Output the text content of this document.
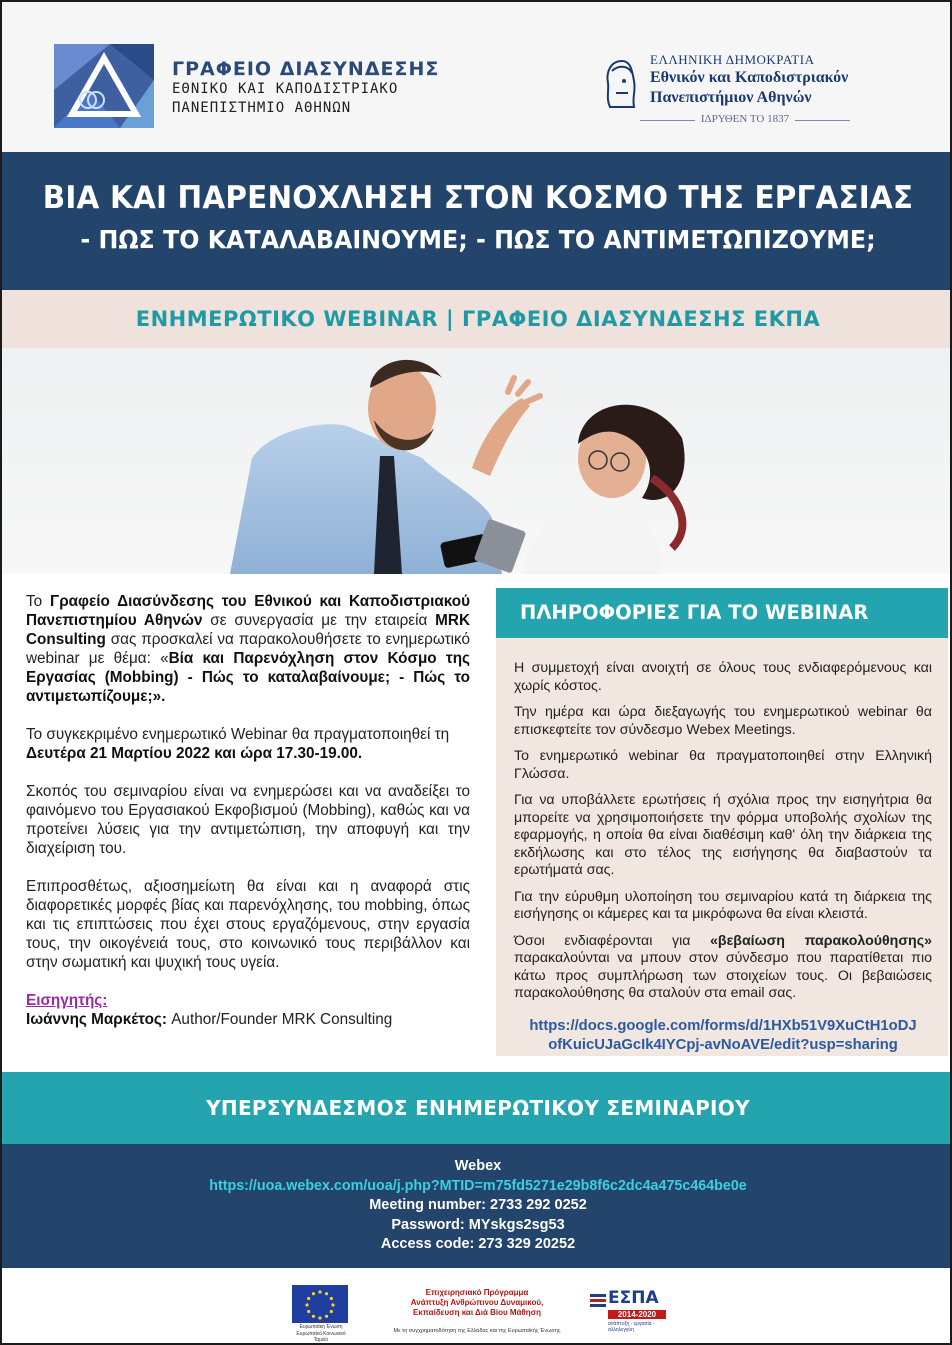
ΓΡΑΦΕΙΟ ΔΙΑΣΥΝΔΕΣΗΣ
ΕΘΝΙΚΟ ΚΑΙ ΚΑΠΟΔΙΣΤΡΙΑΚΟ
ΠΑΝΕΠΙΣΤΗΜΙΟ ΑΘΗΝΩΝ
ΕΛΛΗΝΙΚΗ ΔΗΜΟΚΡΑΤΙΑ
Εθνικόν και Καποδιστριακόν
Πανεπιστήμιον Αθηνών
ΙΔΡΥΘΕΝ ΤΟ 1837
ΒΙΑ ΚΑΙ ΠΑΡΕΝΟΧΛΗΣΗ ΣΤΟΝ ΚΟΣΜΟ ΤΗΣ ΕΡΓΑΣΙΑΣ
- ΠΩΣ ΤΟ ΚΑΤΑΛΑΒΑΙΝΟΥΜΕ; - ΠΩΣ ΤΟ ΑΝΤΙΜΕΤΩΠΙΖΟΥΜΕ;
ΕΝΗΜΕΡΩΤΙΚΟ WEBINAR | ΓΡΑΦΕΙΟ ΔΙΑΣΥΝΔΕΣΗΣ ΕΚΠΑ

Το Γραφείο Διασύνδεσης του Εθνικού και Καποδιστριακού Πανεπιστημίου Αθηνών σε συνεργασία με την εταιρεία MRK Consulting σας προσκαλεί να παρακολουθήσετε το ενημερωτικό webinar με θέμα: «Βία και Παρενόχληση στον Κόσμο της Εργασίας (Mobbing) - Πώς το καταλαβαίνουμε; - Πώς το αντιμετωπίζουμε;».

Το συγκεκριμένο ενημερωτικό Webinar θα πραγματοποιηθεί τη Δευτέρα 21 Μαρτίου 2022 και ώρα 17.30-19.00.

Σκοπός του σεμιναρίου είναι να ενημερώσει και να αναδείξει το φαινόμενο του Εργασιακού Εκφοβισμού (Mobbing), καθώς και να προτείνει λύσεις για την αντιμετώπιση, την αποφυγή και την διαχείριση του.

Επιπροσθέτως, αξιοσημείωτη θα είναι και η αναφορά στις διαφορετικές μορφές βίας και παρενόχλησης, του mobbing, όπως και τις επιπτώσεις που έχει στους εργαζόμενους, στην εργασία τους, την οικογένειά τους, στο κοινωνικό τους περιβάλλον και στην σωματική και ψυχική τους υγεία.

Εισηγητής:
Ιωάννης Μαρκέτος: Author/Founder MRK Consulting
ΠΛΗΡΟΦΟΡΙΕΣ ΓΙΑ ΤΟ WEBINAR

Η συμμετοχή είναι ανοιχτή σε όλους τους ενδιαφερόμενους και χωρίς κόστος.

Την ημέρα και ώρα διεξαγωγής του ενημερωτικού webinar θα επισκεφτείτε τον σύνδεσμο Webex Meetings.

Το ενημερωτικό webinar θα πραγματοποιηθεί στην Ελληνική Γλώσσα.

Για να υποβάλλετε ερωτήσεις ή σχόλια προς την εισηγήτρια θα μπορείτε να χρησιμοποιήσετε την φόρμα υποβολής σχολίων της εφαρμογής, η οποία θα είναι διαθέσιμη καθ' όλη την διάρκεια της εκδήλωσης και στο τέλος της εισήγησης θα διαβαστούν τα ερωτήματά σας.

Για την εύρυθμη υλοποίηση του σεμιναρίου κατά τη διάρκεια της εισήγησης οι κάμερες και τα μικρόφωνα θα είναι κλειστά.

Όσοι ενδιαφέρονται για «βεβαίωση παρακολούθησης» παρακαλούνται να μπουν στον σύνδεσμο που παρατίθεται πιο κάτω προς συμπλήρωση των στοιχείων τους. Οι βεβαιώσεις παρακολούθησης θα σταλούν στα email σας.

https://docs.google.com/forms/d/1HXb51V9XuCtH1oDJ
ofKuicUJaGcIk4IYCpj-avNoAVE/edit?usp=sharing
ΥΠΕΡΣΥΝΔΕΣΜΟΣ ΕΝΗΜΕΡΩΤΙΚΟΥ ΣΕΜΙΝΑΡΙΟΥ
Webex
https://uoa.webex.com/uoa/j.php?MTID=m75fd5271e29b8f6c2dc4a475c464be0e
Meeting number: 2733 292 0252
Password: MYskgs2sg53
Access code: 273 329 20252
Ευρωπαϊκή Ένωση
Ευρωπαϊκό Κοινωνικό Ταμείο
Επιχειρησιακό Πρόγραμμα
Ανάπτυξη Ανθρώπινου Δυναμικού,
Εκπαίδευση και Διά Βίου Μάθηση
Με τη συγχρηματοδότηση της Ελλάδας και της Ευρωπαϊκής Ένωσης
ΕΣΠΑ
2014-2020
ανάπτυξη - εργασία - αλληλεγγύη
